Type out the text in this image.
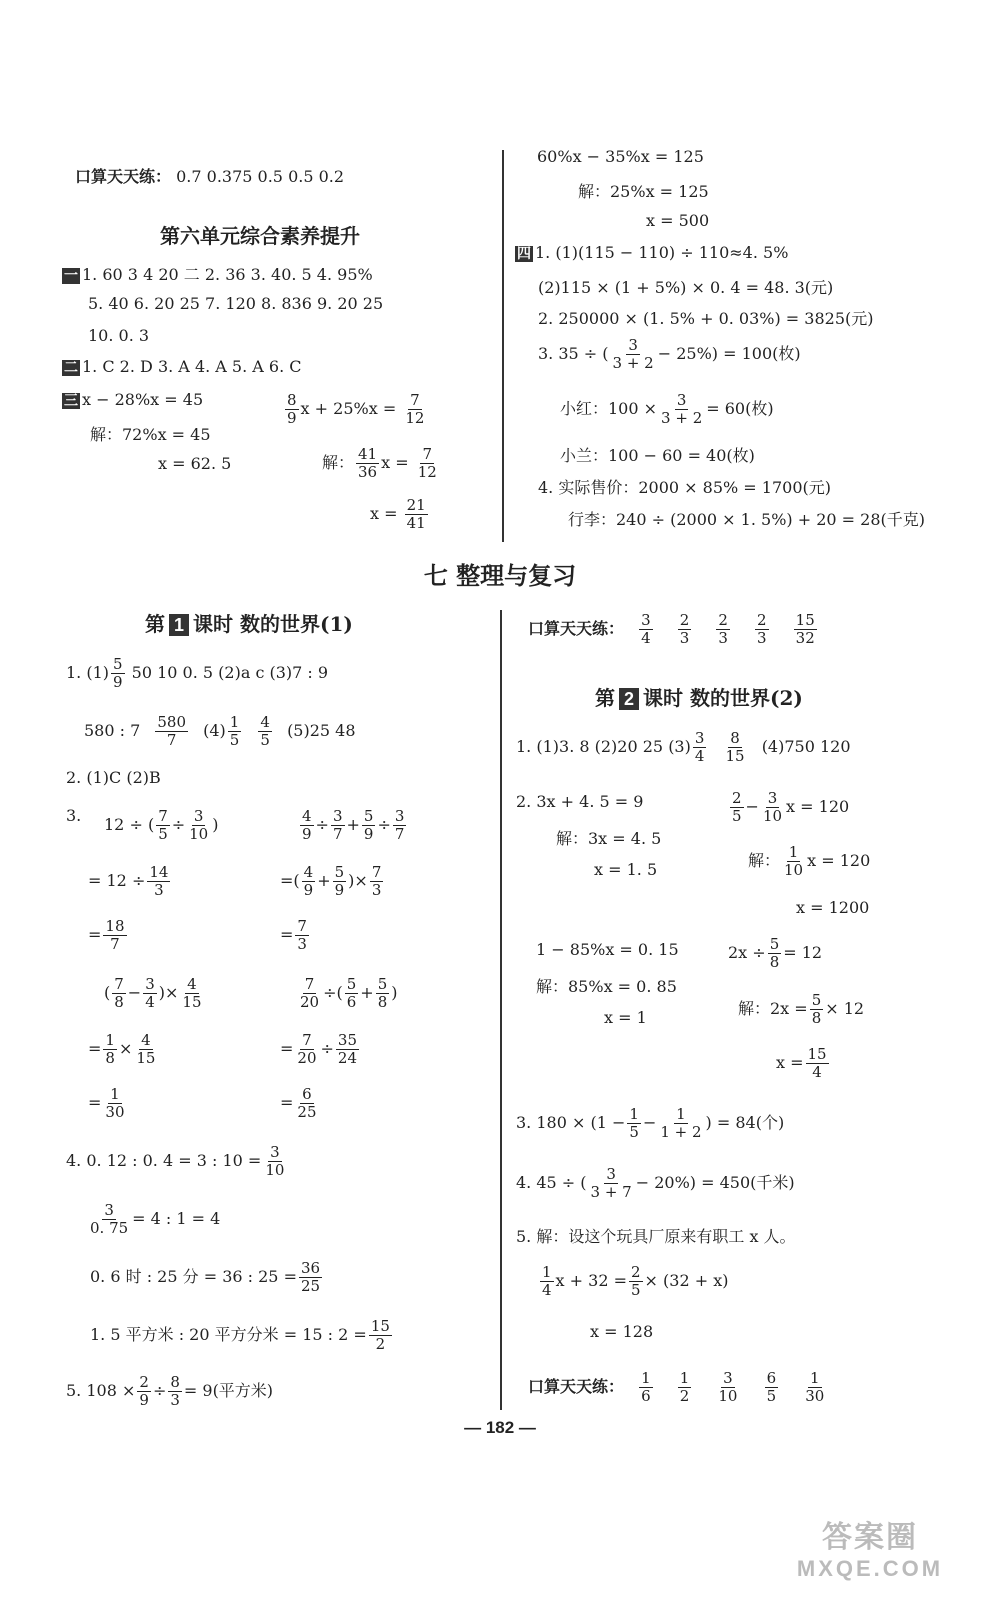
口算天天练： 0.7 0.375 0.5 0.5 0.2
第六单元综合素养提升
一 1. 60 3 4 20 二 2. 36 3. 40. 5 4. 95%
5. 40 6. 20 25 7. 120 8. 836 9. 20 25
10. 0. 3
二 1. C 2. D 3. A 4. A 5. A 6. C
三 x − 28%x = 45
解：72%x = 45
x = 62. 5
$\frac{8}{9}$ $x + 25\%x = \frac{7}{12}$
解： $\frac{41}{36}$ $x = \frac{7}{12}$
$x = \frac{21}{41}$
60%x − 35%x = 125
解：25%x = 125
x = 500
四 1. (1)(115 − 110) ÷ 110≈4. 5%
(2)115 × (1 + 5%) × 0. 4 = 48. 3(元)
2. 250000 × (1. 5% + 0. 03%) = 3825(元)
3. 35 ÷ ( $\frac{3}{3 + 2} - 25\%) = 100$(枚)
小红：$100 \times \frac{3}{3 + 2} = 60$(枚)
小兰：100 − 60 = 40(枚)
4. 实际售价：2000 × 85% = 1700(元)
行李：240 ÷ (2000 × 1. 5%) + 20 = 28(千克)
七 整理与复习
第 1 课时 数的世界(1)
1. $(1) \frac{5}{9} 50$ 10 0. 5 (2)a c (3)7 : 9
580 : $7 \frac{580}{7} (4) \frac{1}{5}$
$\frac{4}{5} (5)25$ 48
2. (1)C (2)B
3. 12 ÷ ( $\frac{7}{5} \div \frac{3}{10}$ )
= $12 \div \frac{14}{3}$
= $\frac{18}{7}$
( $\frac{7}{8} - \frac{3}{4}$ )× $\frac{4}{15}$
= $\frac{1}{8} \times \frac{4}{15}$
= $\frac{1}{30}$
$\frac{4}{9} \div \frac{3}{7} + \frac{5}{9} \div \frac{3}{7}$
=( $\frac{4}{9} + \frac{5}{9}$ )× $\frac{7}{3}$
= $\frac{7}{3}$
$\frac{7}{20}$ ÷( $\frac{5}{6} + \frac{5}{8}$ )
= $\frac{7}{20} \div \frac{35}{24}$
= $\frac{6}{25}$
4. 0. 12 : 0. 4 = 3 : $10 = \frac{3}{10}$
$\frac{3}{0. 75} = 4$ : 1 = 4
0. 6 时 : 25 分 = 36 : $25 = \frac{36}{25}$
1. 5 平方米 : 20 平方分米 = 15 : $2 = \frac{15}{2}$
5. $108 \times \frac{2}{9} \div \frac{8}{3} = 9$(平方米)
口算天天练： $\frac{3}{4}$
$\frac{2}{3}$
$\frac{2}{3}$
$\frac{2}{3}$
$\frac{15}{32}$
第 2 课时 数的世界(2)
1. (1)3. 8 (2)20 25 $(3) \frac{3}{4}$
$\frac{8}{15} (4)750$ 120
2. 3x + 4. 5 = 9
解：3x = 4. 5
x = 1. 5
$\frac{2}{5} - \frac{3}{10}$ x = 120
解： $\frac{1}{10}$ x = 120
x = 1200
1 − 85%x = 0. 15
解：85%x = 0. 85
x = 1
$2x \div \frac{5}{8} = 12$
解：$2x = \frac{5}{8} \times 12$
$x = \frac{15}{4}$
3. $180 \times (1 - \frac{1}{5} - \frac{1}{1 + 2}$ ) = 84(个)
4. 45 ÷ ( $\frac{3}{3 + 7} - 20\%) = 450$(千米)
5. 解：设这个玩具厂原来有职工 x 人。
$\frac{1}{4}$ $x + 32 = \frac{2}{5} \times (32 + x)$
x = 128
口算天天练： $\frac{1}{6}$
$\frac{1}{2}$
$\frac{3}{10}$
$\frac{6}{5}$
$\frac{1}{30}$
— 182 —
答案圈
MXQE.COM
